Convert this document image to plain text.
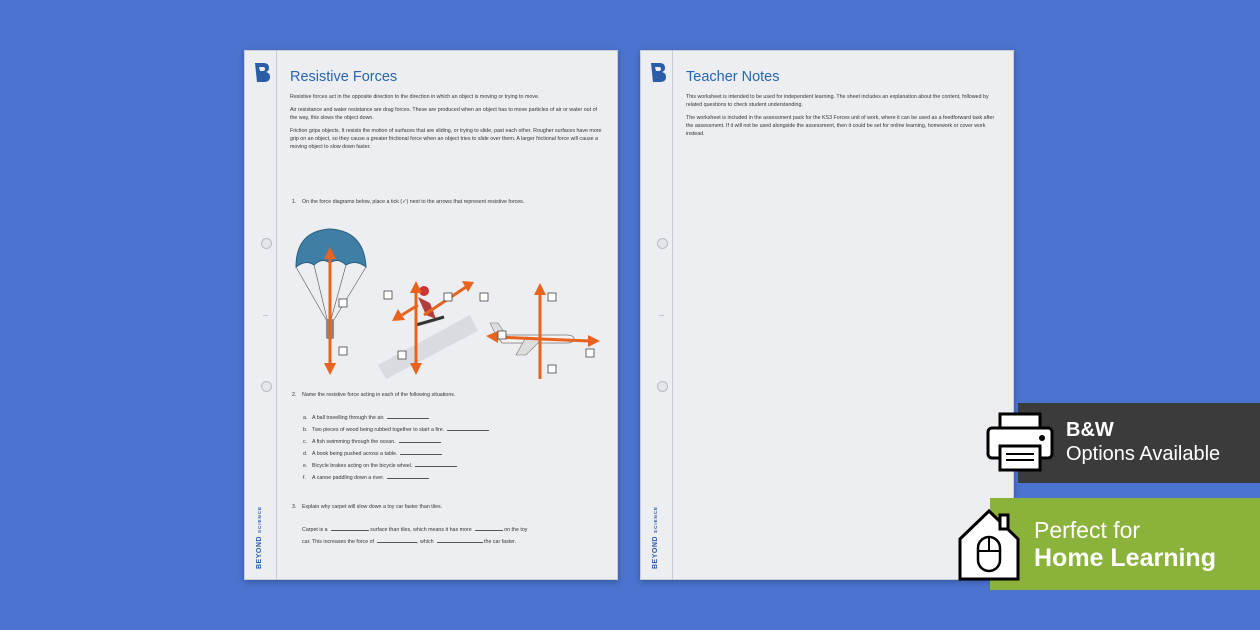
BEYONDSCIENCE
Resistive Forces

Resistive forces act in the opposite direction to the direction in which an object is moving or trying to move.

Air resistance and water resistance are drag forces. These are produced when an object has to move particles of air or water out of the way, this slows the object down.

Friction grips objects. It resists the motion of surfaces that are sliding, or trying to slide, past each other. Rougher surfaces have more grip on an object, so they cause a greater frictional force when an object tries to slide over them. A larger frictional force will cause a moving object to slow down faster.

1. On the force diagrams below, place a tick (✓) next to the arrows that represent resistive forces.
2. Name the resistive force acting in each of the following situations.
a. A ball travelling through the air.
b. Two pieces of wood being rubbed together to start a fire.
c. A fish swimming through the ocean.
d. A book being pushed across a table.
e. Bicycle brakes acting on the bicycle wheel.
f. A canoe paddling down a river.
3. Explain why carpet will slow down a toy car faster than tiles.
Carpet is a	surface than tiles, which means it has more	on the toy
car. This increases the force of	, which	the car faster.	BEYONDSCIENCE
Teacher Notes

This worksheet is intended to be used for independent learning. The sheet includes an explanation about the content, followed by related questions to check student understanding.

The worksheet is included in the assessment pack for the KS3 Forces unit of work, where it can be used as a feedforward task after the assessment. If it will not be used alongside the assessment, then it could be set for online learning, homework or cover work instead.

B&W
Options Available
Perfect for
Home Learning
